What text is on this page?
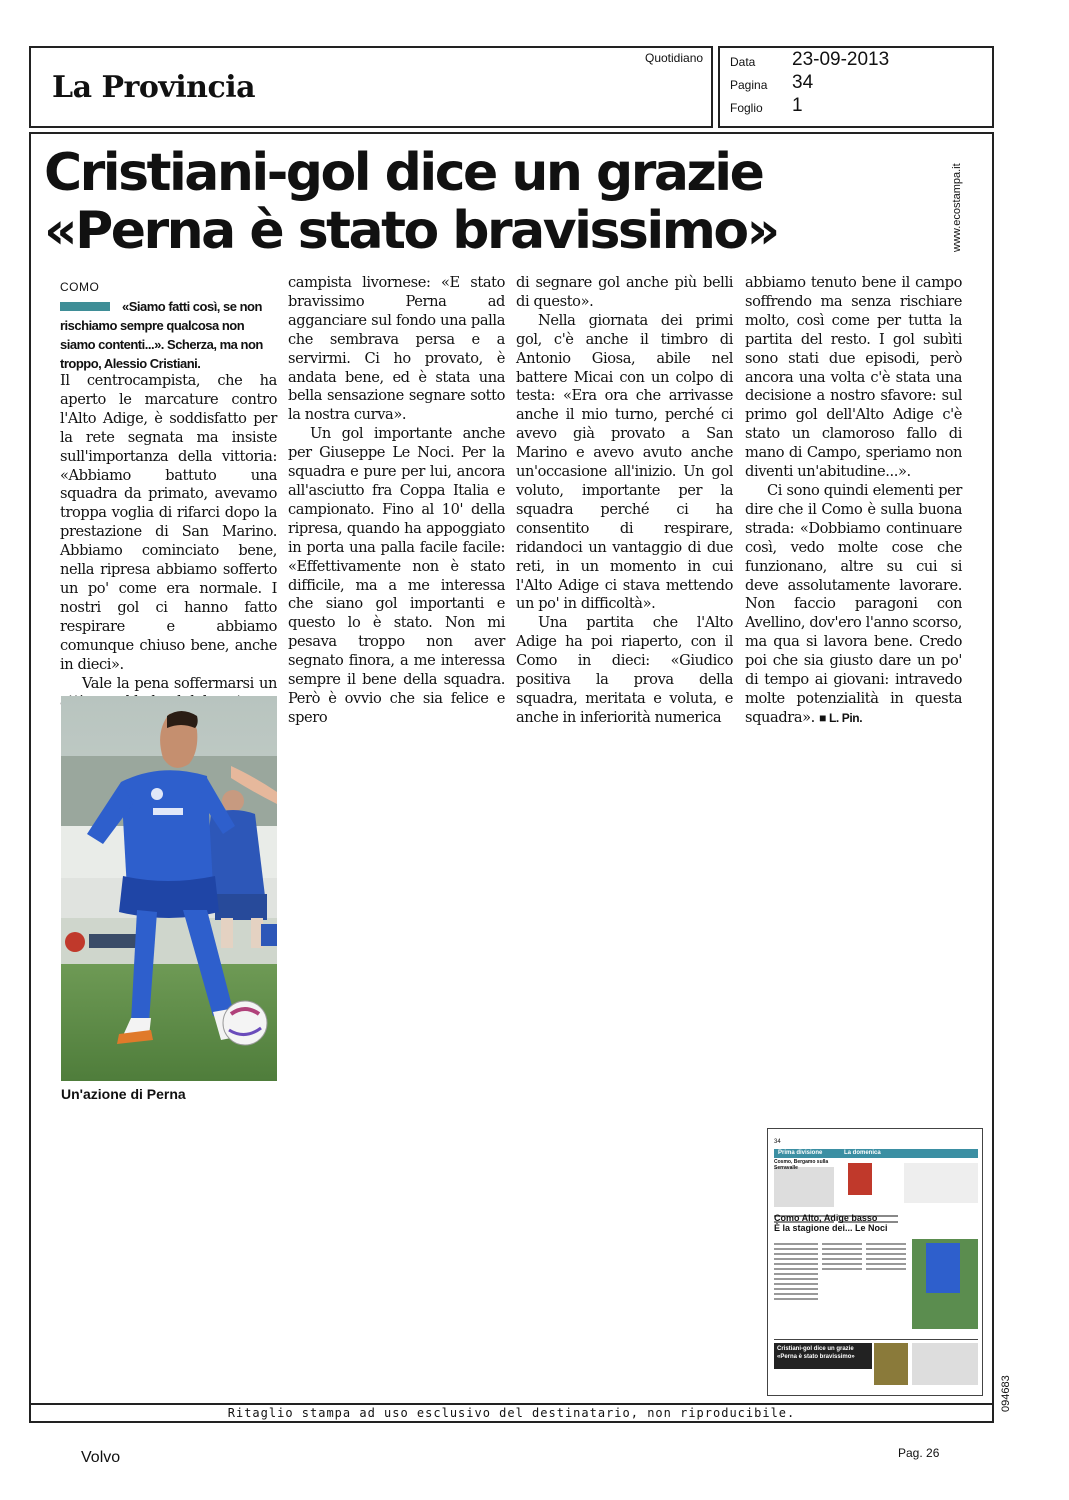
La Provincia
Quotidiano Data 23-09-2013
Pagina 34
Foglio 1
Ritaglio stampa ad uso esclusivo del destinatario, non riproducibile.
www.ecostampa.it
094683
Cristiani-gol dice un grazie
«Perna è stato bravissimo»
COMO
«Siamo fatti così, se non rischiamo sempre qualcosa non siamo contenti...». Scherza, ma non troppo, Alessio Cristiani.

Il centrocampista, che ha aperto le marcature contro l'Alto Adige, è soddisfatto per la rete segnata ma insiste sull'importanza della vittoria: «Abbiamo battuto una squadra da primato, avevamo troppa voglia di rifarci dopo la prestazione di San Marino. Abbiamo cominciato bene, nella ripresa abbiamo sofferto un po' come era normale. I nostri gol ci hanno fatto respirare e abbiamo comunque chiuso bene, anche in dieci».

Vale la pena soffermarsi un

campista livornese: «E stato bravissimo Perna ad agganciare sul fondo una palla che sembrava persa e a servirmi. Ci ho provato, è andata bene, ed è stata una bella sensazione segnare sotto la nostra curva».

Un gol importante anche per Giuseppe Le Noci. Per la squadra e pure per lui, ancora all'asciutto fra Coppa Italia e campionato. Fino al 10' della ripresa, quando ha appoggiato in porta una palla facile facile: «Effettivamente non è stato difficile, ma a me interessa che siano gol importanti e questo lo è stato. Non mi pesava troppo non aver segnato finora, a me interessa sempre il bene della squadra. Però è ovvio che sia felice e spero

di segnare gol anche più belli di questo».

Nella giornata dei primi gol, c'è anche il timbro di Antonio Giosa, abile nel battere Micai con un colpo di testa: «Era ora che arrivasse anche il mio turno, perché ci avevo già provato a San Marino e avevo avuto anche un'occasione all'inizio. Un gol voluto, importante per la squadra perché ci ha consentito di respirare, ridandoci un vantaggio di due reti, in un momento in cui l'Alto Adige ci stava mettendo un po' in difficoltà».

Una partita che l'Alto Adige ha poi riaperto, con il Como in dieci: «Giudico positiva la prova della squadra, meritata e voluta, e anche in inferiorità numerica

abbiamo tenuto bene il campo soffrendo ma senza rischiare molto, così come per tutta la partita del resto. I gol subìti sono stati due episodi, però ancora una volta c'è stata una decisione a nostro sfavore: sul primo gol dell'Alto Adige c'è stato un clamoroso fallo di mano di Campo, speriamo non diventi un'abitudine...».

Ci sono quindi elementi per dire che il Como è sulla buona strada: «Dobbiamo continuare così, vedo molte cose che funzionano, altre su cui si deve assolutamente lavorare. Non faccio paragoni con Avellino, dov'ero l'anno scorso, ma qua si lavora bene. Credo poi che sia giusto dare un po' di tempo ai giovani: intravedo molte potenzialità in questa squadra». ■ L. Pin.

Un'azione di Perna
34
Prima divisione	La domenica
Cosmo, Bergamo sulla Serravalle
Como Alto, Adige basso
È la stagione dei... Le Noci
Cristiani-gol dice un grazie
«Perna è stato bravissimo»
Volvo	Pag. 26
